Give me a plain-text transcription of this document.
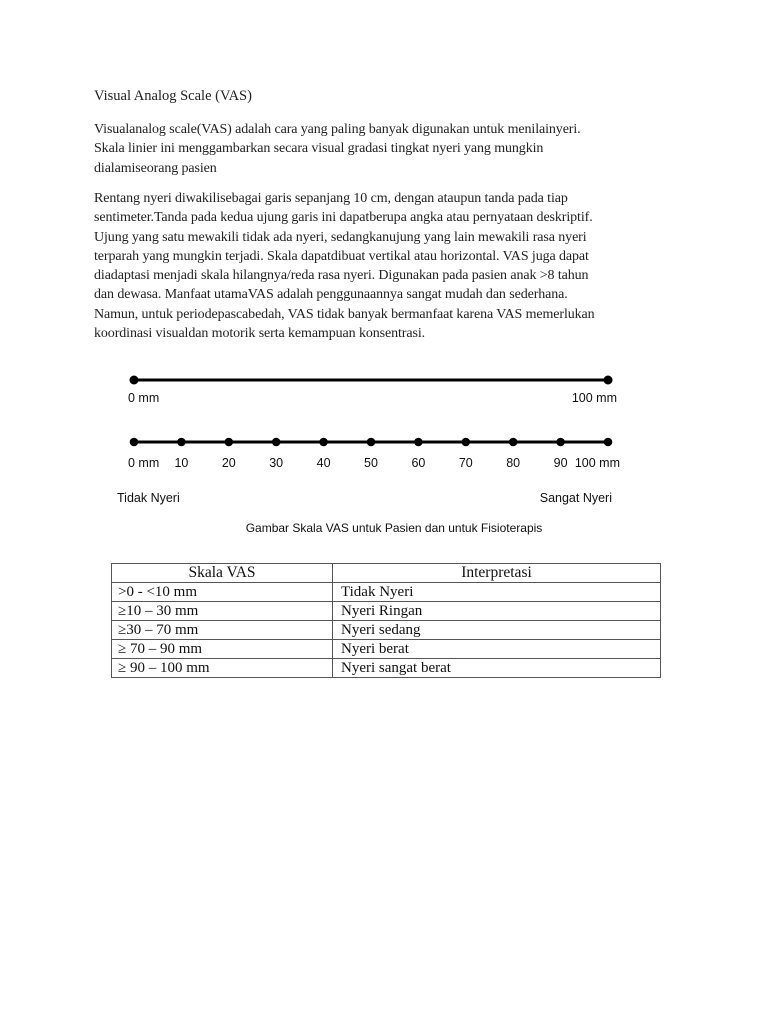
Visual Analog Scale (VAS)
Visualanalog scale(VAS) adalah cara yang paling banyak digunakan untuk menilainyeri.
Skala linier ini menggambarkan secara visual gradasi tingkat nyeri yang mungkin
dialamiseorang pasien
Rentang nyeri diwakilisebagai garis sepanjang 10 cm, dengan ataupun tanda pada tiap
sentimeter.Tanda pada kedua ujung garis ini dapatberupa angka atau pernyataan deskriptif.
Ujung yang satu mewakili tidak ada nyeri, sedangkanujung yang lain mewakili rasa nyeri
terparah yang mungkin terjadi. Skala dapatdibuat vertikal atau horizontal. VAS juga dapat
diadaptasi menjadi skala hilangnya/reda rasa nyeri. Digunakan pada pasien anak >8 tahun
dan dewasa. Manfaat utamaVAS adalah penggunaannya sangat mudah dan sederhana.
Namun, untuk periodepascabedah, VAS tidak banyak bermanfaat karena VAS memerlukan
koordinasi visualdan motorik serta kemampuan konsentrasi.
0 mm	100 mm
0 mm 10	20	30	40	50	60	70	80	90 100 mm
Tidak Nyeri	Sangat Nyeri
Gambar Skala VAS untuk Pasien dan untuk Fisioterapis
Skala VAS	Interpretasi
>0 - <10 mm	Tidak Nyeri
≥10 – 30 mm	Nyeri Ringan
≥30 – 70 mm	Nyeri sedang
≥ 70 – 90 mm	Nyeri berat
≥ 90 – 100 mm	Nyeri sangat berat
